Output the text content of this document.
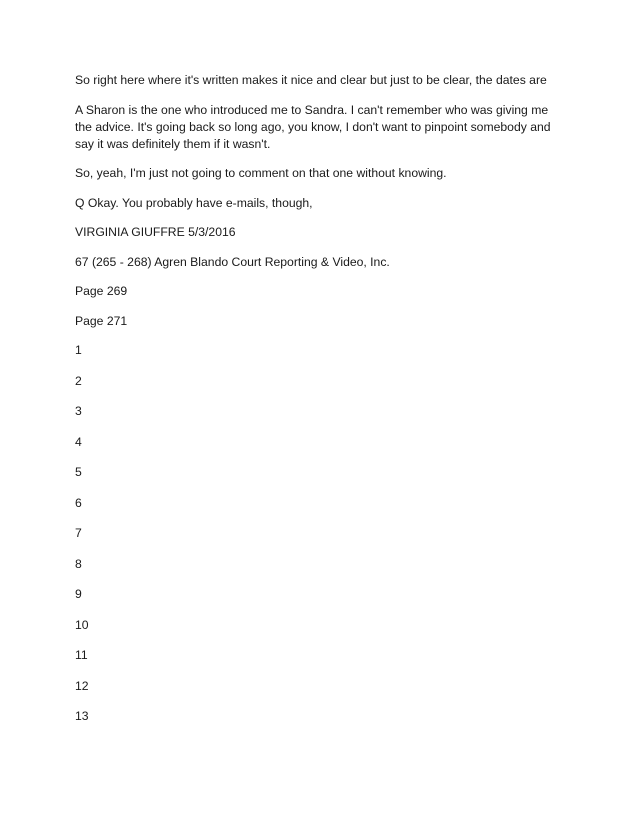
So right here where it's written makes it nice and clear but just to be clear, the dates are

A Sharon is the one who introduced me to Sandra. I can't remember who was giving me the advice. It's going back so long ago, you know, I don't want to pinpoint somebody and say it was definitely them if it wasn't.

So, yeah, I'm just not going to comment on that one without knowing.

Q Okay. You probably have e-mails, though,

VIRGINIA GIUFFRE 5/3/2016

67 (265 - 268) Agren Blando Court Reporting & Video, Inc.

Page 269

Page 271

1
2
3
4
5
6
7
8
9
10
11
12
13
